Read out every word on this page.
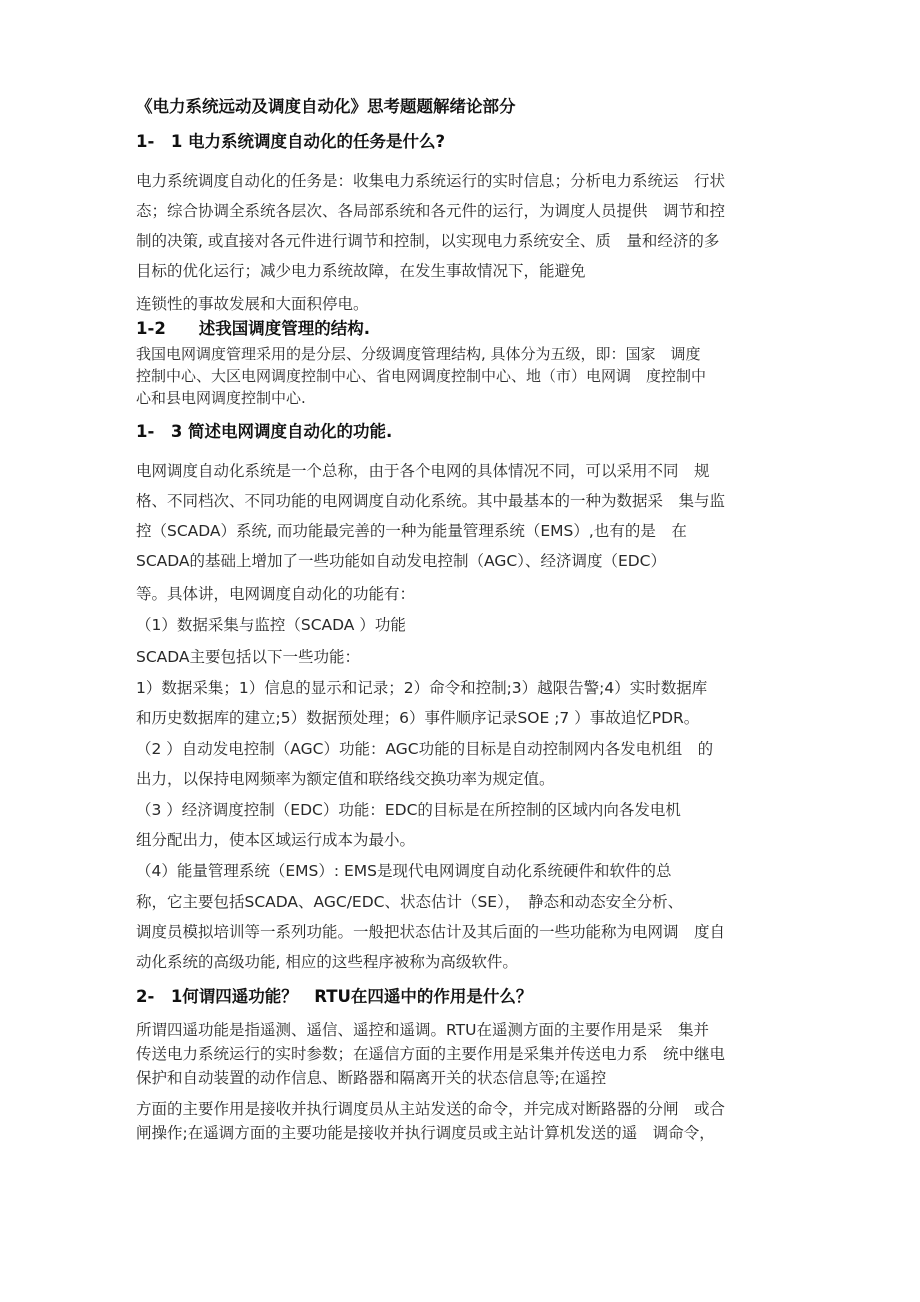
《电力系统远动及调度自动化》思考题题解绪论部分
1-　1 电力系统调度自动化的任务是什么?
电力系统调度自动化的任务是：收集电力系统运行的实时信息；分析电力系统运　行状
态；综合协调全系统各层次、各局部系统和各元件的运行，为调度人员提供　调节和控
制的决策, 或直接对各元件进行调节和控制，以实现电力系统安全、质　量和经济的多
目标的优化运行；减少电力系统故障，在发生事故情况下，能避免
连锁性的事故发展和大面积停电。
1-2　　述我国调度管理的结构.
我国电网调度管理采用的是分层、分级调度管理结构, 具体分为五级，即：国家　调度
控制中心、大区电网调度控制中心、省电网调度控制中心、地（市）电网调　度控制中
心和县电网调度控制中心.
1-　3 简述电网调度自动化的功能.
电网调度自动化系统是一个总称，由于各个电网的具体情况不同，可以采用不同　规
格、不同档次、不同功能的电网调度自动化系统。其中最基本的一种为数据采　集与监
控（SCADA）系统, 而功能最完善的一种为能量管理系统（EMS）,也有的是　在
SCADA的基础上增加了一些功能如自动发电控制（AGC）、经济调度（EDC）
等。具体讲，电网调度自动化的功能有：
（1）数据采集与监控（SCADA ）功能
SCADA主要包括以下一些功能：
1）数据采集；1）信息的显示和记录；2）命令和控制;3）越限告警;4）实时数据库
和历史数据库的建立;5）数据预处理；6）事件顺序记录SOE ;7 ）事故追忆PDR。
（2 ）自动发电控制（AGC）功能：AGC功能的目标是自动控制网内各发电机组　的
出力，以保持电网频率为额定值和联络线交换功率为规定值。
（3 ）经济调度控制（EDC）功能：EDC的目标是在所控制的区域内向各发电机
组分配出力，使本区域运行成本为最小。
（4）能量管理系统（EMS）: EMS是现代电网调度自动化系统硬件和软件的总
称，它主要包括SCADA、AGC/EDC、状态估计（SE），　静态和动态安全分析、
调度员模拟培训等一系列功能。一般把状态估计及其后面的一些功能称为电网调　度自
动化系统的高级功能, 相应的这些程序被称为高级软件。
2-　1何谓四遥功能？　RTU在四遥中的作用是什么？
所谓四遥功能是指遥测、遥信、遥控和遥调。RTU在遥测方面的主要作用是采　集并
传送电力系统运行的实时参数；在遥信方面的主要作用是采集并传送电力系　统中继电
保护和自动装置的动作信息、断路器和隔离开关的状态信息等;在遥控
方面的主要作用是接收并执行调度员从主站发送的命令，并完成对断路器的分闸　或合
闸操作;在遥调方面的主要功能是接收并执行调度员或主站计算机发送的遥　调命令，
